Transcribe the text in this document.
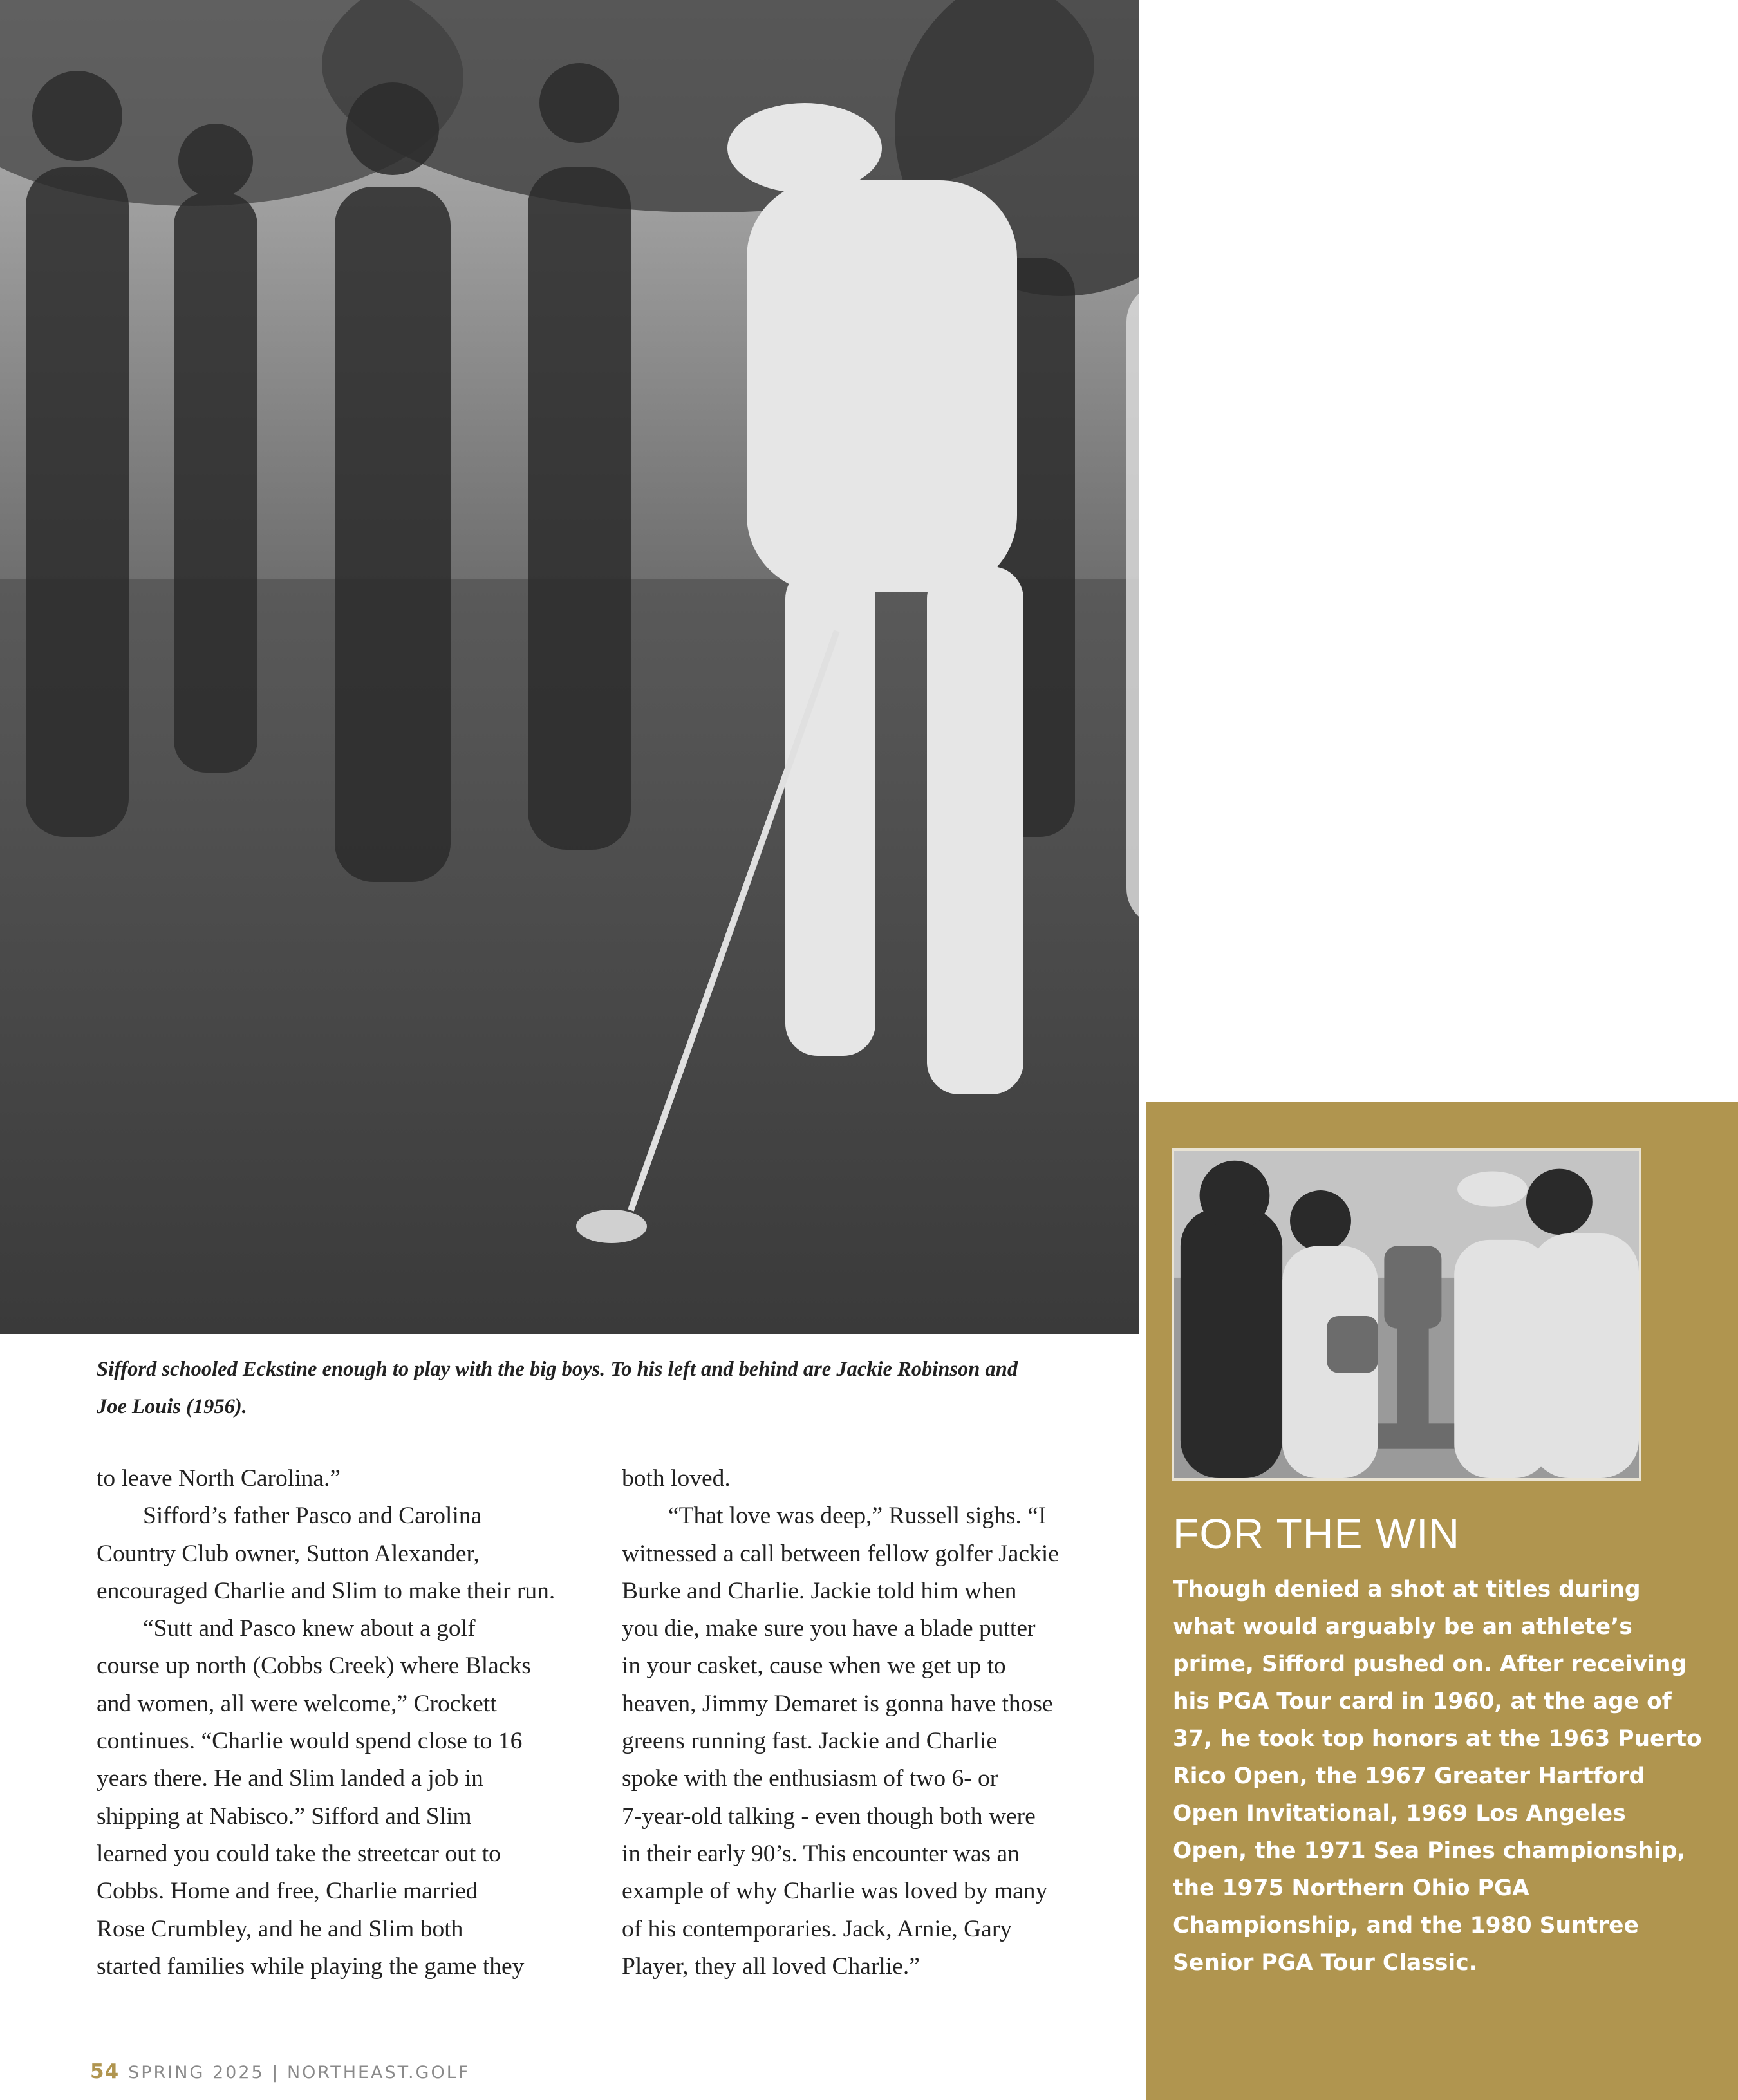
Sifford schooled Eckstine enough to play with the big boys. To his left and behind are Jackie Robinson and
Joe Louis (1956).

to leave North Carolina.”
Sifford’s father Pasco and Carolina
Country Club owner, Sutton Alexander,
encouraged Charlie and Slim to make their run.
“Sutt and Pasco knew about a golf
course up north (Cobbs Creek) where Blacks
and women, all were welcome,” Crockett
continues. “Charlie would spend close to 16
years there. He and Slim landed a job in
shipping at Nabisco.” Sifford and Slim
learned you could take the streetcar out to
Cobbs. Home and free, Charlie married
Rose Crumbley, and he and Slim both
started families while playing the game they
both loved.
“That love was deep,” Russell sighs. “I
witnessed a call between fellow golfer Jackie
Burke and Charlie. Jackie told him when
you die, make sure you have a blade putter
in your casket, cause when we get up to
heaven, Jimmy Demaret is gonna have those
greens running fast. Jackie and Charlie
spoke with the enthusiasm of two 6- or
7-year-old talking - even though both were
in their early 90’s. This encounter was an
example of why Charlie was loved by many
of his contemporaries. Jack, Arnie, Gary
Player, they all loved Charlie.”
FOR THE WIN

Though denied a shot at titles during
what would arguably be an athlete’s
prime, Sifford pushed on. After receiving
his PGA Tour card in 1960, at the age of
37, he took top honors at the 1963 Puerto
Rico Open, the 1967 Greater Hartford
Open Invitational, 1969 Los Angeles
Open, the 1971 Sea Pines championship,
the 1975 Northern Ohio PGA
Championship, and the 1980 Suntree
Senior PGA Tour Classic.

54 SPRING 2025 | NORTHEAST.GOLF
